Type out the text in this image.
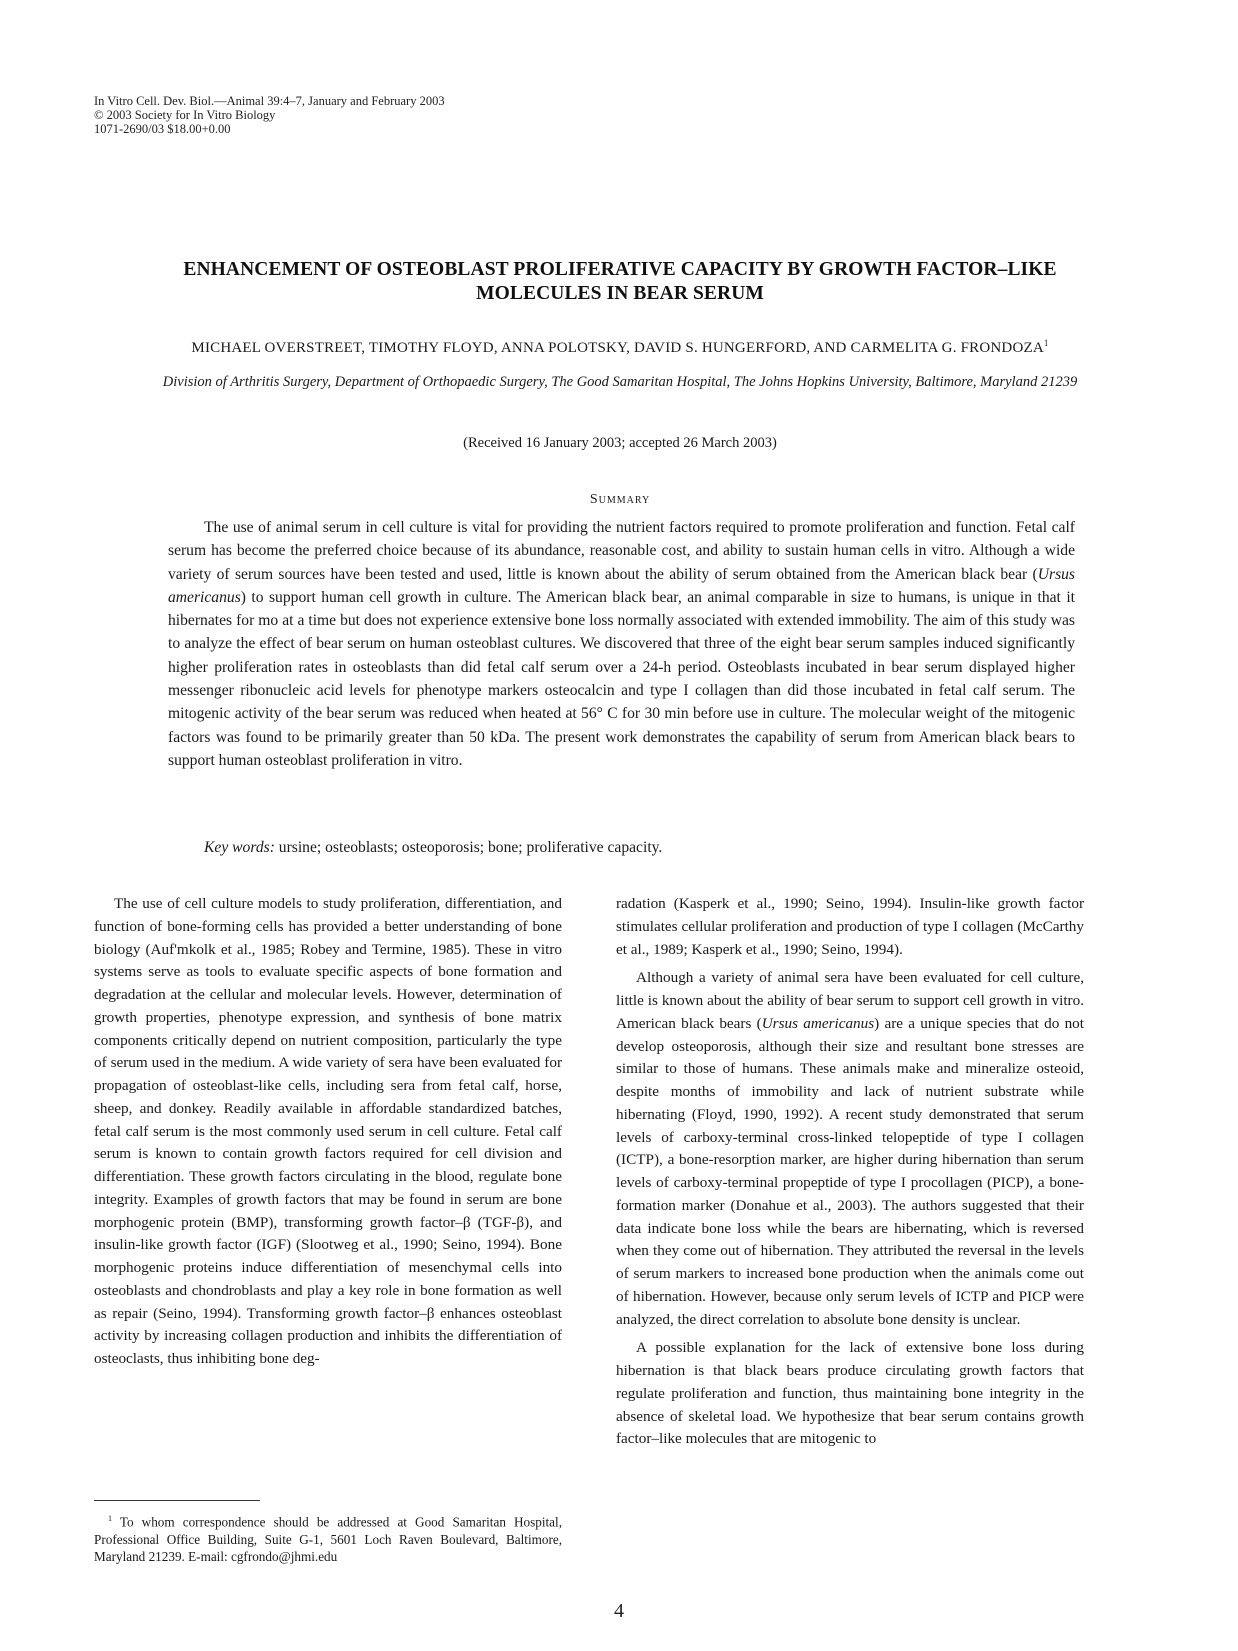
In Vitro Cell. Dev. Biol.—Animal 39:4–7, January and February 2003
© 2003 Society for In Vitro Biology
1071-2690/03 $18.00+0.00
ENHANCEMENT OF OSTEOBLAST PROLIFERATIVE CAPACITY BY GROWTH FACTOR–LIKE MOLECULES IN BEAR SERUM
MICHAEL OVERSTREET, TIMOTHY FLOYD, ANNA POLOTSKY, DAVID S. HUNGERFORD, AND CARMELITA G. FRONDOZA$^1$
Division of Arthritis Surgery, Department of Orthopaedic Surgery, The Good Samaritan Hospital, The Johns Hopkins University, Baltimore, Maryland 21239
(Received 16 January 2003; accepted 26 March 2003)
Summary
The use of animal serum in cell culture is vital for providing the nutrient factors required to promote proliferation and function. Fetal calf serum has become the preferred choice because of its abundance, reasonable cost, and ability to sustain human cells in vitro. Although a wide variety of serum sources have been tested and used, little is known about the ability of serum obtained from the American black bear (Ursus americanus) to support human cell growth in culture. The American black bear, an animal comparable in size to humans, is unique in that it hibernates for mo at a time but does not experience extensive bone loss normally associated with extended immobility. The aim of this study was to analyze the effect of bear serum on human osteoblast cultures. We discovered that three of the eight bear serum samples induced significantly higher proliferation rates in osteoblasts than did fetal calf serum over a 24-h period. Osteoblasts incubated in bear serum displayed higher messenger ribonucleic acid levels for phenotype markers osteocalcin and type I collagen than did those incubated in fetal calf serum. The mitogenic activity of the bear serum was reduced when heated at 56° C for 30 min before use in culture. The molecular weight of the mitogenic factors was found to be primarily greater than 50 kDa. The present work demonstrates the capability of serum from American black bears to support human osteoblast proliferation in vitro.
Key words: ursine; osteoblasts; osteoporosis; bone; proliferative capacity.

The use of cell culture models to study proliferation, differentiation, and function of bone-forming cells has provided a better understanding of bone biology (Auf'mkolk et al., 1985; Robey and Termine, 1985). These in vitro systems serve as tools to evaluate specific aspects of bone formation and degradation at the cellular and molecular levels. However, determination of growth properties, phenotype expression, and synthesis of bone matrix components critically depend on nutrient composition, particularly the type of serum used in the medium. A wide variety of sera have been evaluated for propagation of osteoblast-like cells, including sera from fetal calf, horse, sheep, and donkey. Readily available in affordable standardized batches, fetal calf serum is the most commonly used serum in cell culture. Fetal calf serum is known to contain growth factors required for cell division and differentiation. These growth factors circulating in the blood, regulate bone integrity. Examples of growth factors that may be found in serum are bone morphogenic protein (BMP), transforming growth factor–β (TGF-β), and insulin-like growth factor (IGF) (Slootweg et al., 1990; Seino, 1994). Bone morphogenic proteins induce differentiation of mesenchymal cells into osteoblasts and chondroblasts and play a key role in bone formation as well as repair (Seino, 1994). Transforming growth factor–β enhances osteoblast activity by increasing collagen production and inhibits the differentiation of osteoclasts, thus inhibiting bone deg-

radation (Kasperk et al., 1990; Seino, 1994). Insulin-like growth factor stimulates cellular proliferation and production of type I collagen (McCarthy et al., 1989; Kasperk et al., 1990; Seino, 1994).

Although a variety of animal sera have been evaluated for cell culture, little is known about the ability of bear serum to support cell growth in vitro. American black bears (Ursus americanus) are a unique species that do not develop osteoporosis, although their size and resultant bone stresses are similar to those of humans. These animals make and mineralize osteoid, despite months of immobility and lack of nutrient substrate while hibernating (Floyd, 1990, 1992). A recent study demonstrated that serum levels of carboxy-terminal cross-linked telopeptide of type I collagen (ICTP), a bone-resorption marker, are higher during hibernation than serum levels of carboxy-terminal propeptide of type I procollagen (PICP), a bone-formation marker (Donahue et al., 2003). The authors suggested that their data indicate bone loss while the bears are hibernating, which is reversed when they come out of hibernation. They attributed the reversal in the levels of serum markers to increased bone production when the animals come out of hibernation. However, because only serum levels of ICTP and PICP were analyzed, the direct correlation to absolute bone density is unclear.

A possible explanation for the lack of extensive bone loss during hibernation is that black bears produce circulating growth factors that regulate proliferation and function, thus maintaining bone integrity in the absence of skeletal load. We hypothesize that bear serum contains growth factor–like molecules that are mitogenic to

$^1$ To whom correspondence should be addressed at Good Samaritan Hospital, Professional Office Building, Suite G-1, 5601 Loch Raven Boulevard, Baltimore, Maryland 21239. E-mail: cgfrondo@jhmi.edu
4
